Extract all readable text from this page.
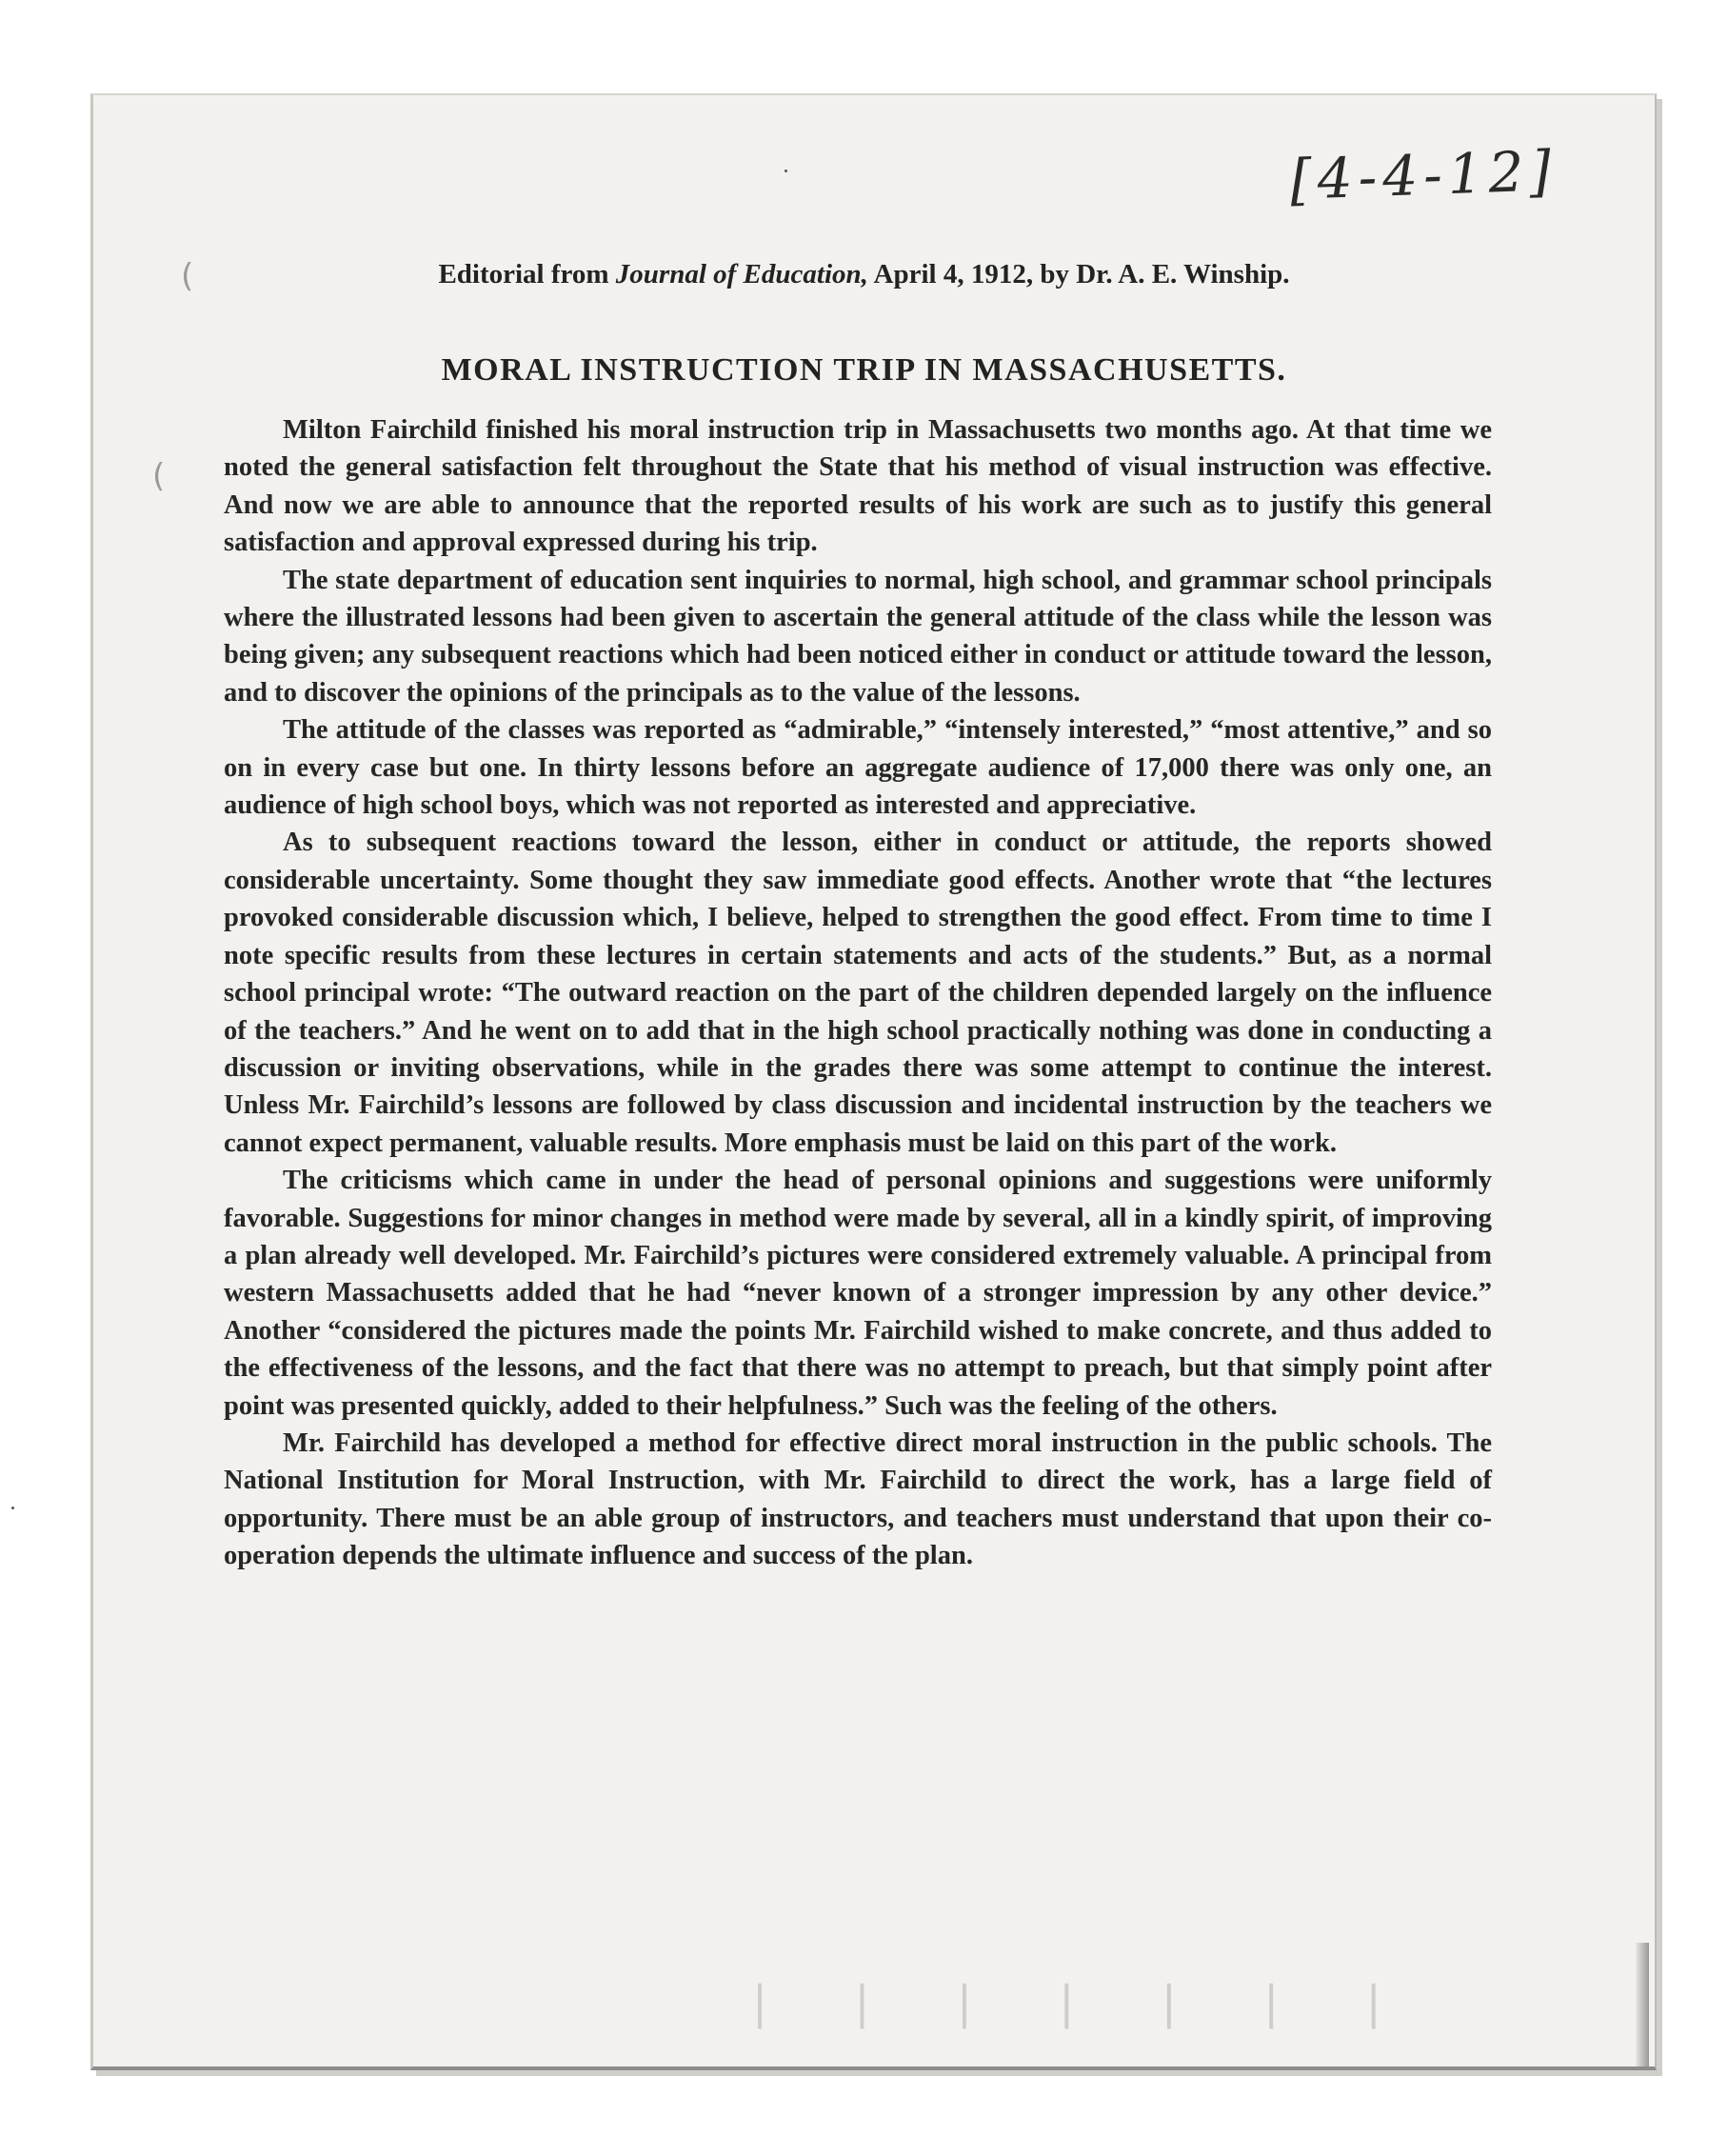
(
(
| | | | | | |
[4-4-12]
Editorial from Journal of Education, April 4, 1912, by Dr. A. E. Winship.
MORAL INSTRUCTION TRIP IN MASSACHUSETTS.

Milton Fairchild finished his moral instruction trip in Massachusetts two months ago. At that time we noted the general satisfaction felt throughout the State that his method of visual instruction was effective. And now we are able to announce that the reported results of his work are such as to justify this general satisfaction and approval expressed during his trip.

The state department of education sent inquiries to normal, high school, and grammar school principals where the illustrated lessons had been given to ascertain the general attitude of the class while the lesson was being given; any subsequent reactions which had been noticed either in conduct or attitude toward the lesson, and to discover the opinions of the principals as to the value of the lessons.

The attitude of the classes was reported as “admirable,” “intensely interested,” “most attentive,” and so on in every case but one. In thirty lessons before an aggregate audience of 17,000 there was only one, an audience of high school boys, which was not reported as interested and appreciative.

As to subsequent reactions toward the lesson, either in conduct or attitude, the reports showed considerable uncertainty. Some thought they saw immediate good effects. Another wrote that “the lectures provoked considerable discussion which, I believe, helped to strengthen the good effect. From time to time I note specific results from these lectures in certain statements and acts of the students.” But, as a normal school principal wrote: “The outward reaction on the part of the children depended largely on the influence of the teachers.” And he went on to add that in the high school practically nothing was done in conducting a discussion or inviting observations, while in the grades there was some attempt to continue the interest. Unless Mr. Fairchild’s lessons are followed by class discussion and incidental instruction by the teachers we cannot expect permanent, valuable results. More emphasis must be laid on this part of the work.

The criticisms which came in under the head of personal opinions and suggestions were uniformly favorable. Suggestions for minor changes in method were made by several, all in a kindly spirit, of improving a plan already well developed. Mr. Fairchild’s pictures were considered extremely valuable. A principal from western Massachusetts added that he had “never known of a stronger impression by any other device.” Another “considered the pictures made the points Mr. Fairchild wished to make concrete, and thus added to the effectiveness of the lessons, and the fact that there was no attempt to preach, but that simply point after point was presented quickly, added to their helpfulness.” Such was the feeling of the others.

Mr. Fairchild has developed a method for effective direct moral instruction in the public schools. The National Institution for Moral Instruction, with Mr. Fairchild to direct the work, has a large field of opportunity. There must be an able group of instructors, and teachers must understand that upon their co-operation depends the ultimate influence and success of the plan.
